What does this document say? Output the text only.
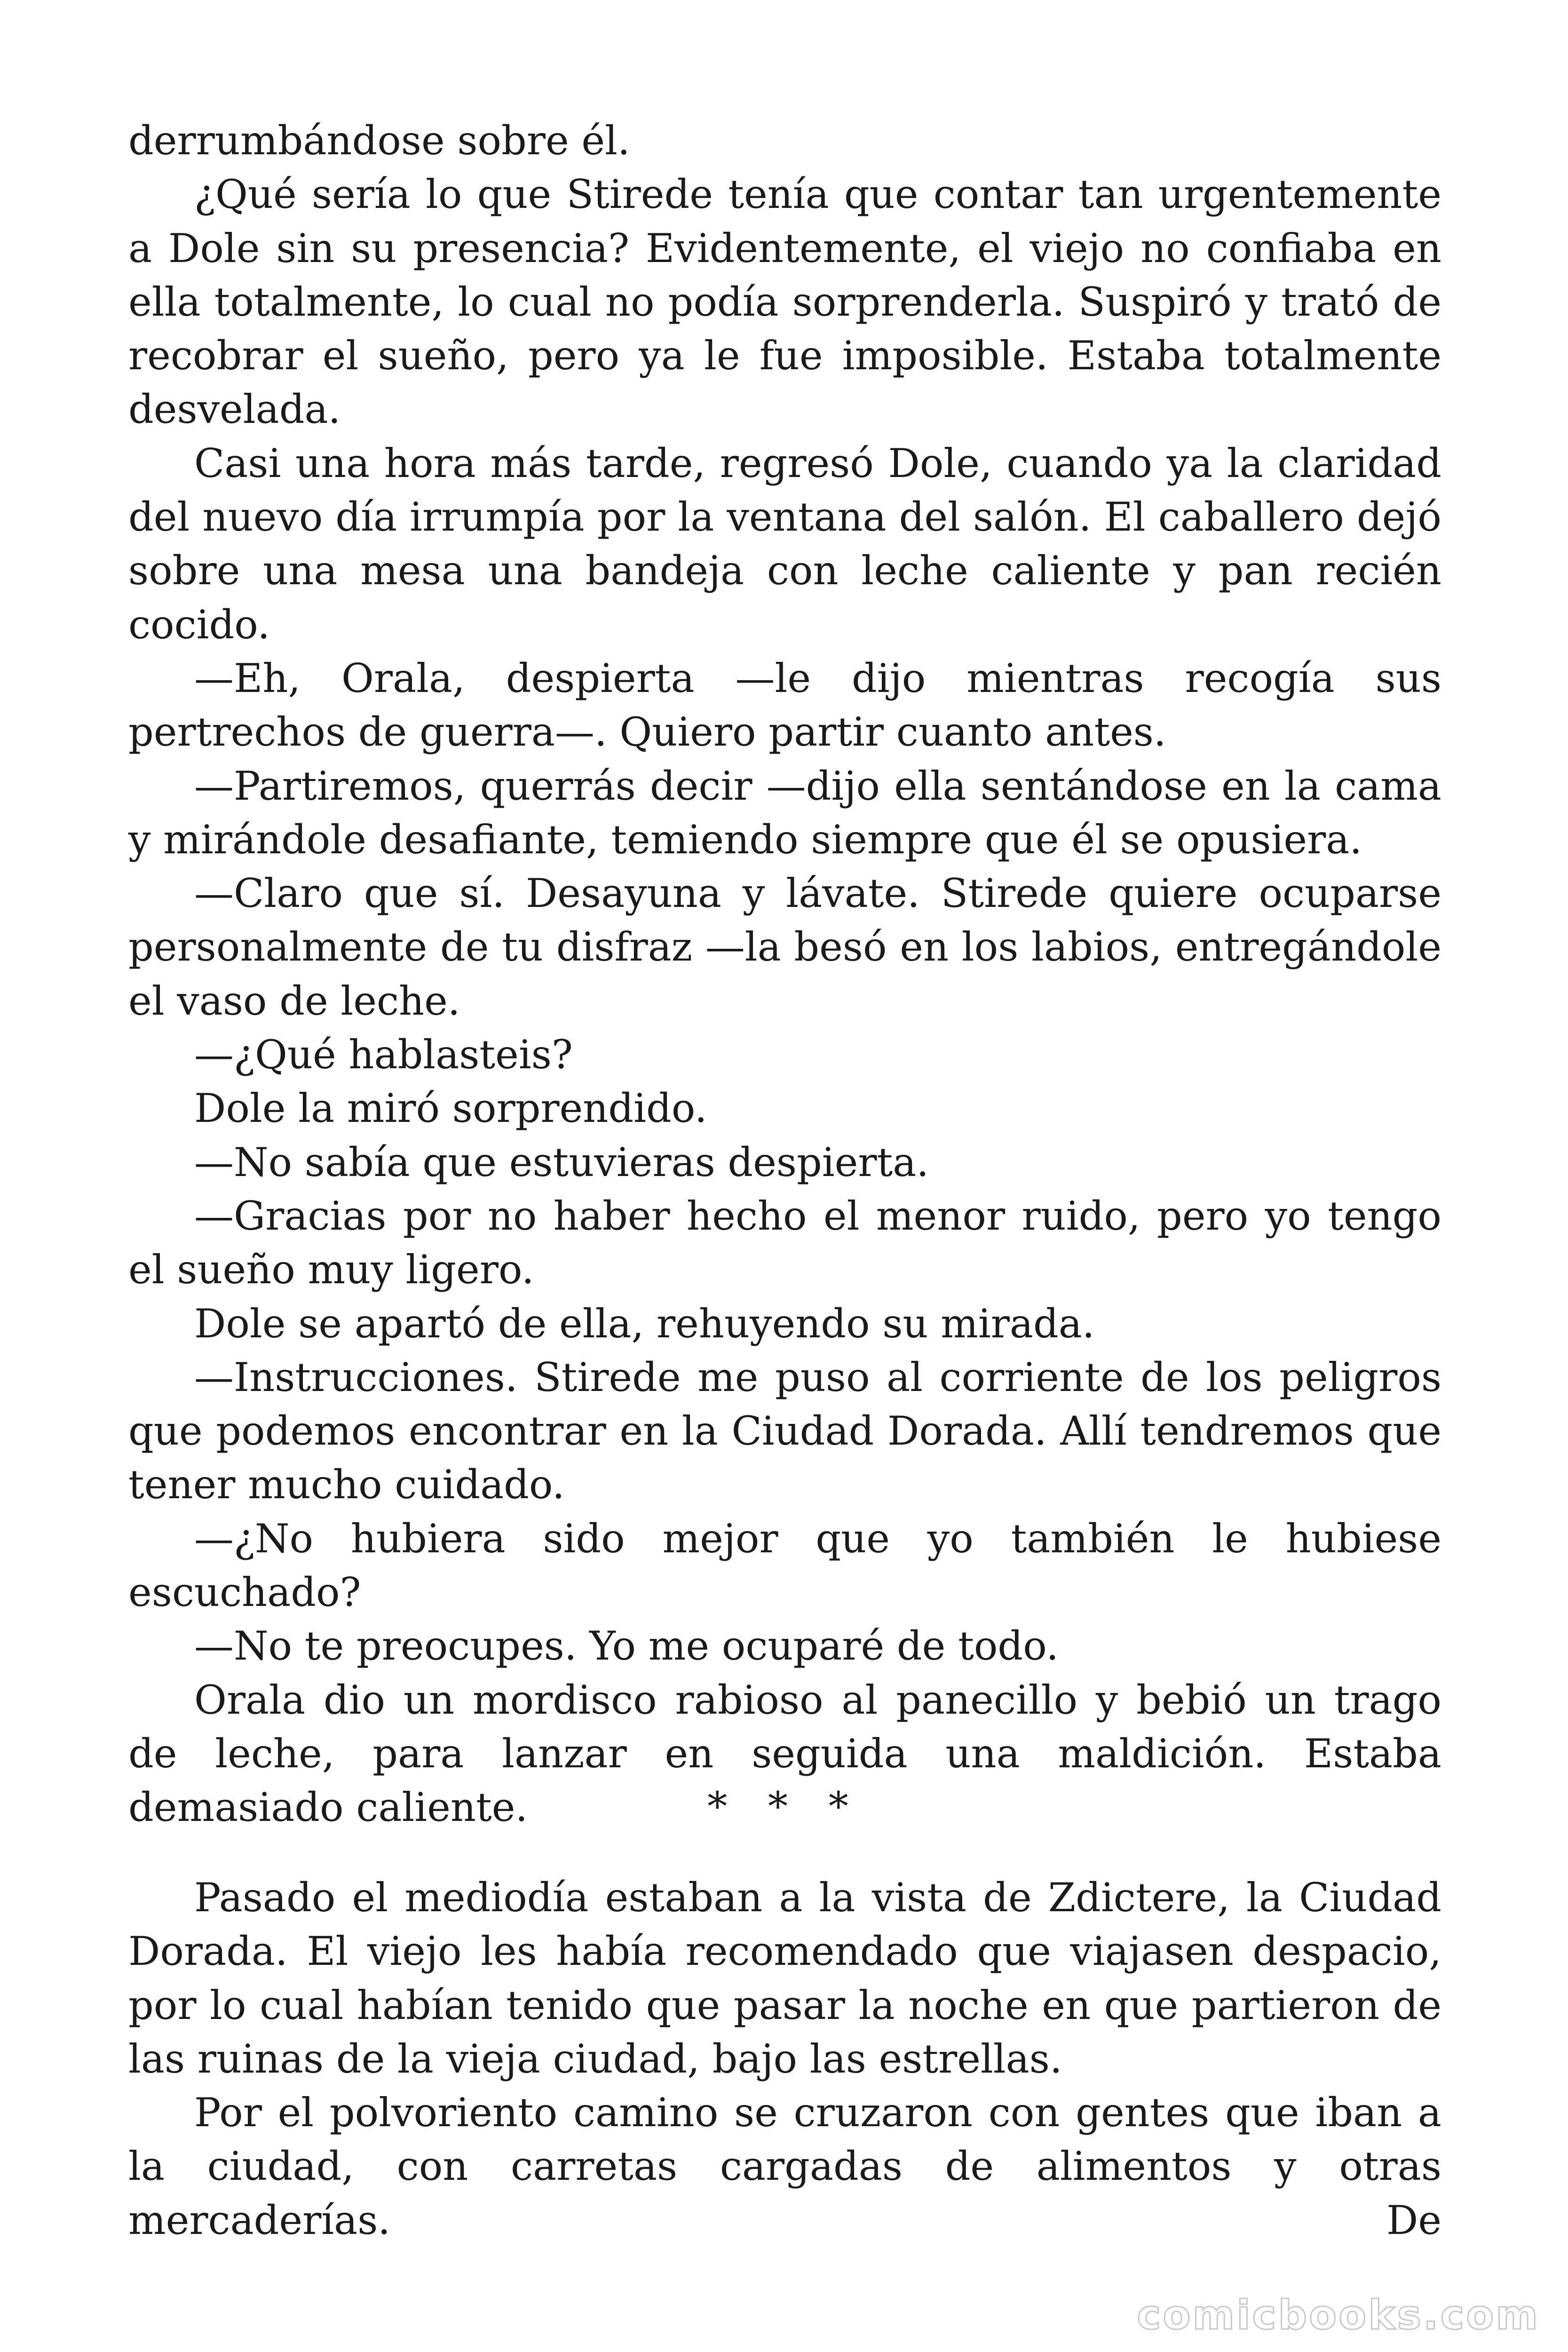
derrumbándose sobre él.

¿Qué sería lo que Stirede tenía que contar tan urgentemente a Dole sin su presencia? Evidentemente, el viejo no confiaba en ella totalmente, lo cual no podía sorprenderla. Suspiró y trató de recobrar el sueño, pero ya le fue imposible. Estaba totalmente desvelada.

Casi una hora más tarde, regresó Dole, cuando ya la claridad del nuevo día irrumpía por la ventana del salón. El caballero dejó sobre una mesa una bandeja con leche caliente y pan recién cocido.

—Eh, Orala, despierta —le dijo mientras recogía sus pertrechos de guerra—. Quiero partir cuanto antes.

—Partiremos, querrás decir —dijo ella sentándose en la cama y mirándole desafiante, temiendo siempre que él se opusiera.

—Claro que sí. Desayuna y lávate. Stirede quiere ocuparse personalmente de tu disfraz —la besó en los labios, entregándole el vaso de leche.

—¿Qué hablasteis?

Dole la miró sorprendido.

—No sabía que estuvieras despierta.

—Gracias por no haber hecho el menor ruido, pero yo tengo el sueño muy ligero.

Dole se apartó de ella, rehuyendo su mirada.

—Instrucciones. Stirede me puso al corriente de los peligros que podemos encontrar en la Ciudad Dorada. Allí tendremos que tener mucho cuidado.

—¿No hubiera sido mejor que yo también le hubiese escuchado?

—No te preocupes. Yo me ocuparé de todo.

Orala dio un mordisco rabioso al panecillo y bebió un trago de leche, para lanzar en seguida una maldición. Estaba demasiado caliente.	* * *

Pasado el mediodía estaban a la vista de Zdictere, la Ciudad Dorada. El viejo les había recomendado que viajasen despacio, por lo cual habían tenido que pasar la noche en que partieron de las ruinas de la vieja ciudad, bajo las estrellas.

Por el polvoriento camino se cruzaron con gentes que iban a la ciudad, con carretas cargadas de alimentos y otras mercaderías. De

comicbooks.com
